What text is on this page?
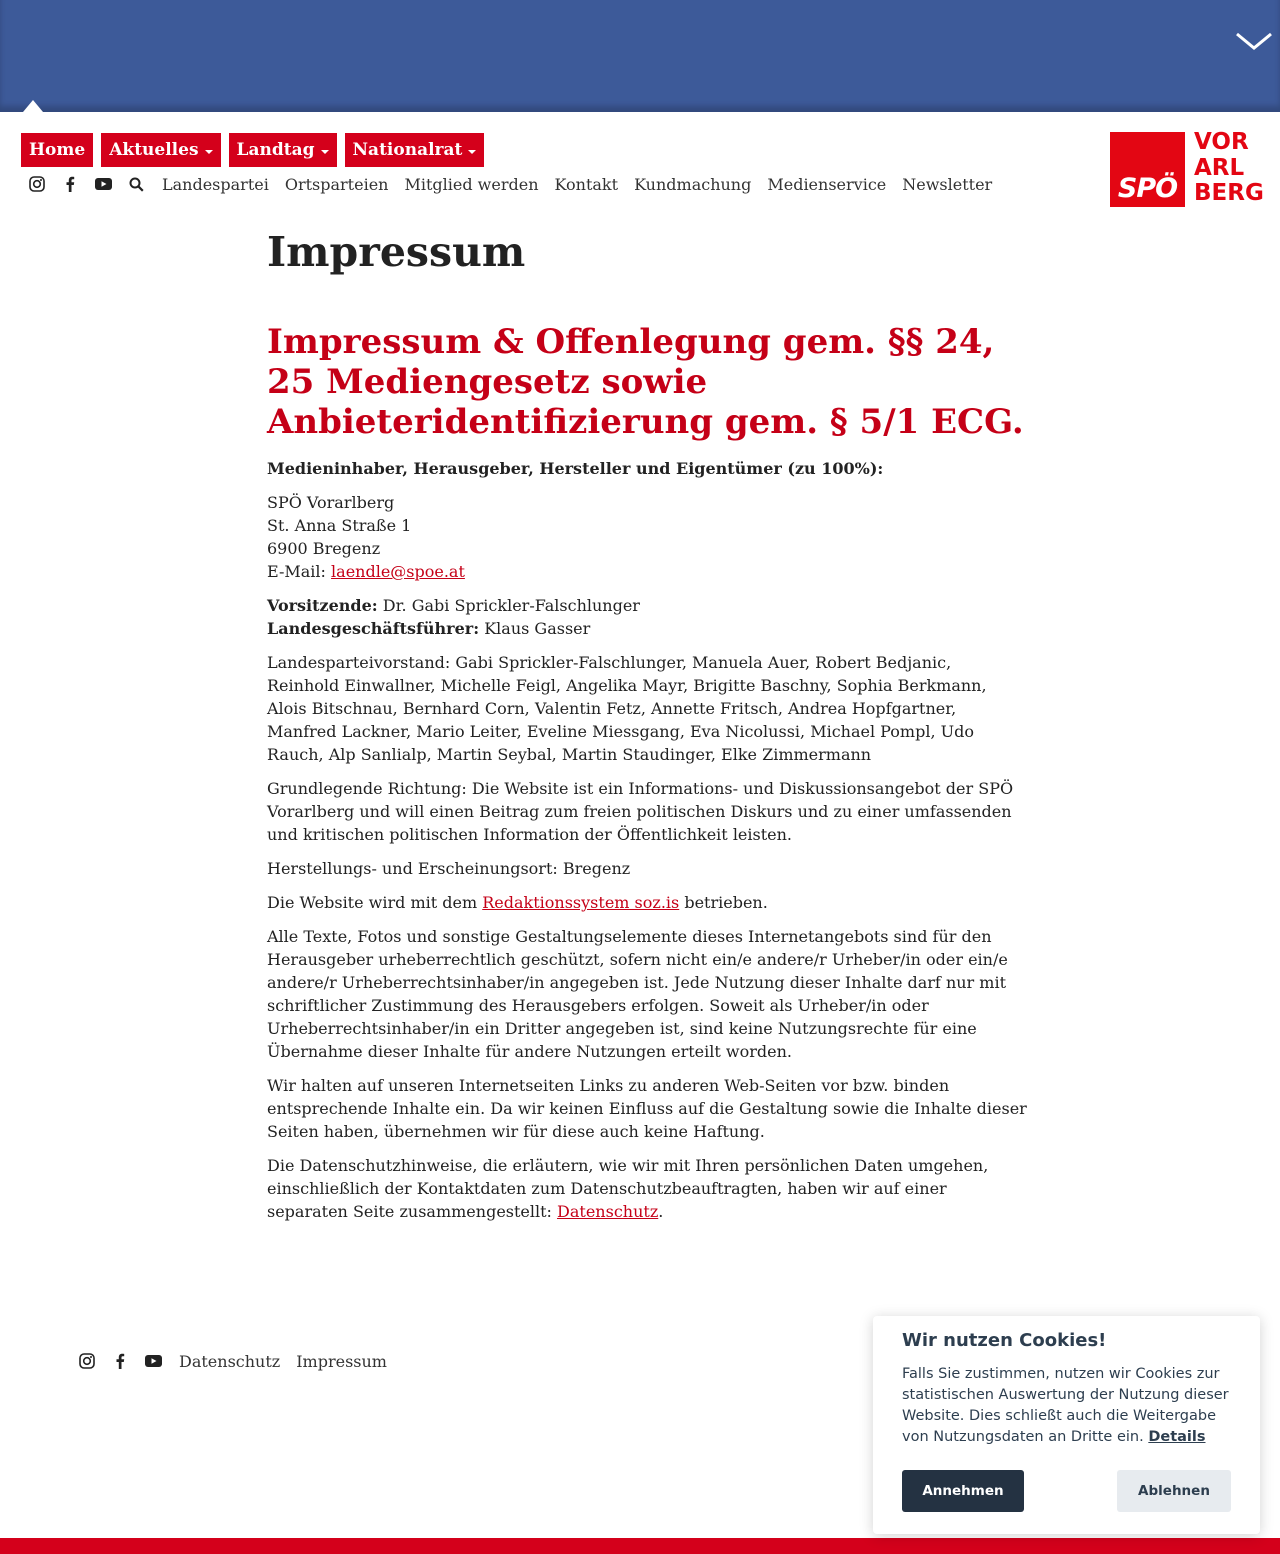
Home Aktuelles Landtag Nationalrat
Landespartei Ortsparteien Mitglied werden Kontakt Kundmachung Medienservice Newsletter	SPÖ
VOR
ARL
BERG
Impressum
Impressum & Offenlegung gem. §§ 24, 25 Mediengesetz sowie Anbieteridentifizierung gem. § 5/1 ECG.

Medieninhaber, Herausgeber, Hersteller und Eigentümer (zu 100%):

SPÖ Vorarlberg
St. Anna Straße 1
6900 Bregenz
E-Mail: laendle@spoe.at

Vorsitzende: Dr. Gabi Sprickler-Falschlunger
Landesgeschäftsführer: Klaus Gasser

Landesparteivorstand: Gabi Sprickler-Falschlunger, Manuela Auer, Robert Bedjanic, Reinhold Einwallner, Michelle Feigl, Angelika Mayr, Brigitte Baschny, Sophia Berkmann, Alois Bitschnau, Bernhard Corn, Valentin Fetz, Annette Fritsch, Andrea Hopfgartner, Manfred Lackner, Mario Leiter, Eveline Miessgang, Eva Nicolussi, Michael Pompl, Udo Rauch, Alp Sanlialp, Martin Seybal, Martin Staudinger, Elke Zimmermann

Grundlegende Richtung: Die Website ist ein Informations- und Diskussionsangebot der SPÖ Vorarlberg und will einen Beitrag zum freien politischen Diskurs und zu einer umfassenden und kritischen politischen Information der Öffentlichkeit leisten.

Herstellungs- und Erscheinungsort: Bregenz

Die Website wird mit dem Redaktionssystem soz.is betrieben.

Alle Texte, Fotos und sonstige Gestaltungselemente dieses Internetangebots sind für den Herausgeber urheberrechtlich geschützt, sofern nicht ein/e andere/r Urheber/in oder ein/e andere/r Urheberrechtsinhaber/in angegeben ist. Jede Nutzung dieser Inhalte darf nur mit schriftlicher Zustimmung des Herausgebers erfolgen. Soweit als Urheber/in oder Urheberrechtsinhaber/in ein Dritter angegeben ist, sind keine Nutzungsrechte für eine Übernahme dieser Inhalte für andere Nutzungen erteilt worden.

Wir halten auf unseren Internetseiten Links zu anderen Web-Seiten vor bzw. binden entsprechende Inhalte ein. Da wir keinen Einfluss auf die Gestaltung sowie die Inhalte dieser Seiten haben, übernehmen wir für diese auch keine Haftung.

Die Datenschutzhinweise, die erläutern, wie wir mit Ihren persönlichen Daten umgehen, einschließlich der Kontaktdaten zum Datenschutzbeauftragten, haben wir auf einer separaten Seite zusammengestellt: Datenschutz.

Datenschutz Impressum
Wir nutzen Cookies!

Falls Sie zustimmen, nutzen wir Cookies zur statistischen Auswertung der Nutzung dieser Website. Dies schließt auch die Weitergabe von Nutzungsdaten an Dritte ein. Details

Annehmen	Ablehnen
